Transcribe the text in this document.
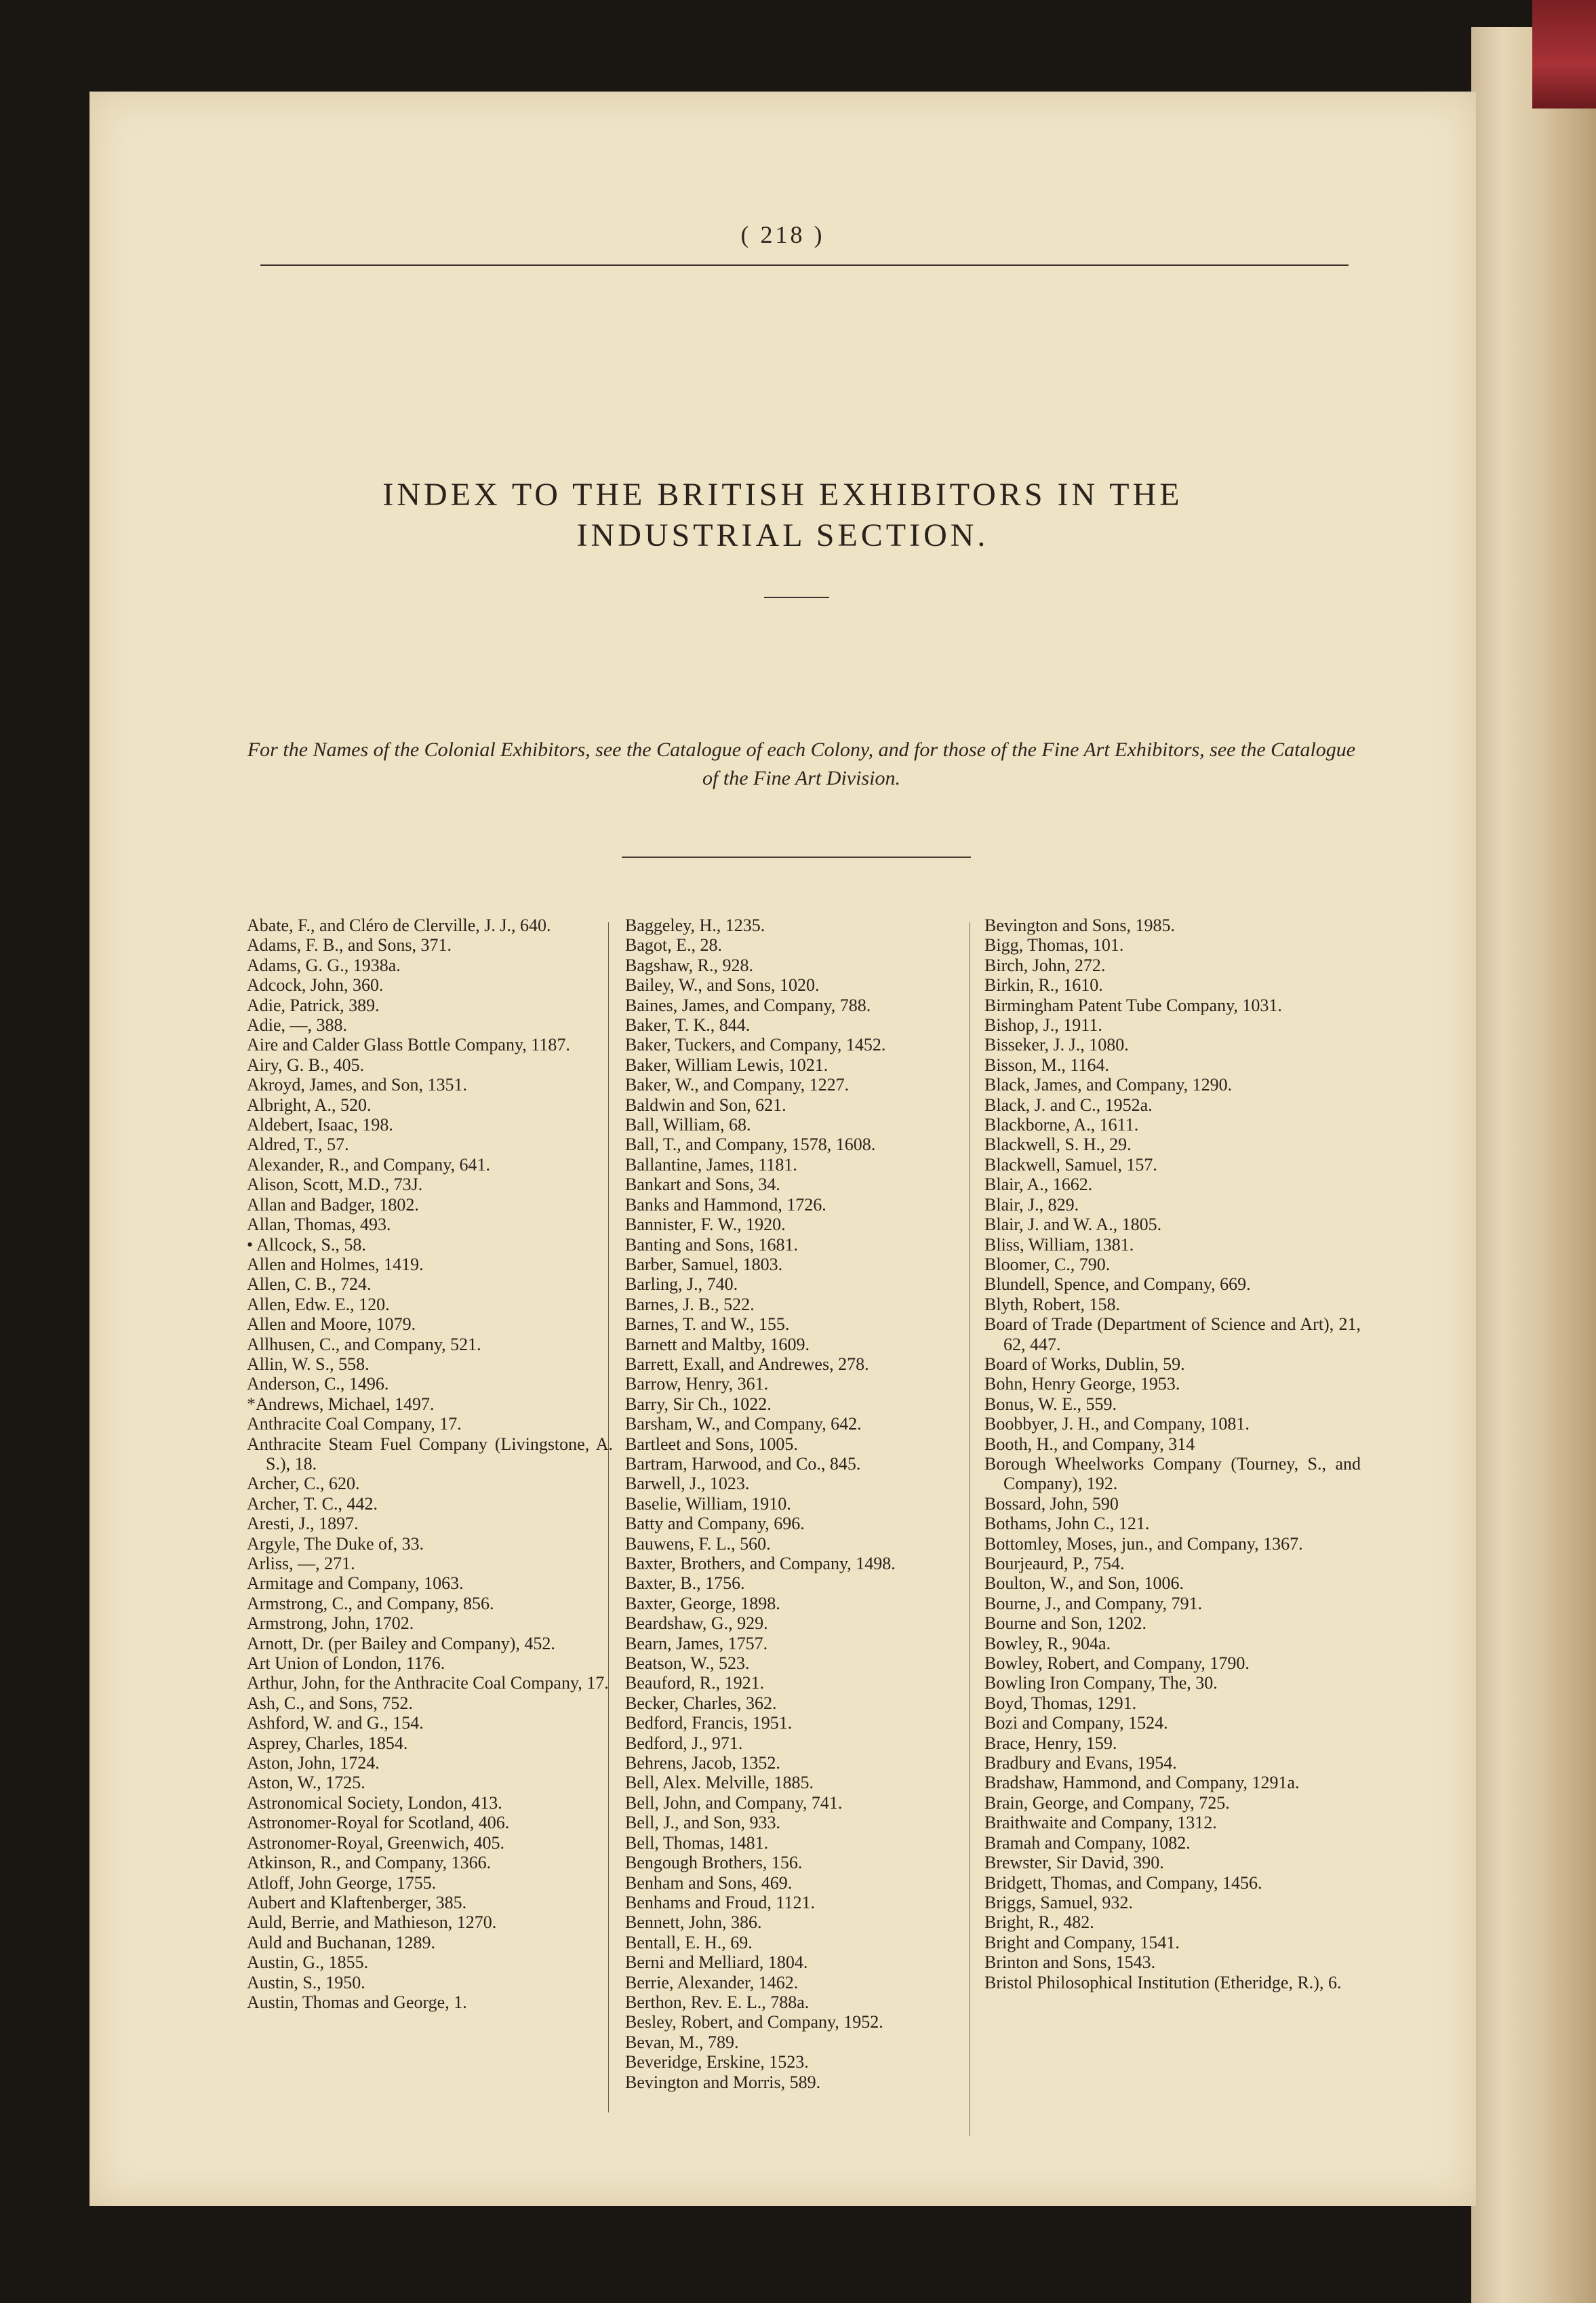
( 218 )
INDEX TO THE BRITISH EXHIBITORS IN THE
INDUSTRIAL SECTION.
For the Names of the Colonial Exhibitors, see the Catalogue of each Colony, and for those of the Fine Art Exhibitors, see the Catalogue of the Fine Art Division.
Abate, F., and Cléro de Clerville, J. J., 640.
Adams, F. B., and Sons, 371.
Adams, G. G., 1938a.
Adcock, John, 360.
Adie, Patrick, 389.
Adie, —, 388.
Aire and Calder Glass Bottle Company, 1187.
Airy, G. B., 405.
Akroyd, James, and Son, 1351.
Albright, A., 520.
Aldebert, Isaac, 198.
Aldred, T., 57.
Alexander, R., and Company, 641.
Alison, Scott, M.D., 73J.
Allan and Badger, 1802.
Allan, Thomas, 493.
• Allcock, S., 58.
Allen and Holmes, 1419.
Allen, C. B., 724.
Allen, Edw. E., 120.
Allen and Moore, 1079.
Allhusen, C., and Company, 521.
Allin, W. S., 558.
Anderson, C., 1496.
*Andrews, Michael, 1497.
Anthracite Coal Company, 17.
Anthracite Steam Fuel Company (Livingstone, A. S.), 18.
Archer, C., 620.
Archer, T. C., 442.
Aresti, J., 1897.
Argyle, The Duke of, 33.
Arliss, —, 271.
Armitage and Company, 1063.
Armstrong, C., and Company, 856.
Armstrong, John, 1702.
Arnott, Dr. (per Bailey and Company), 452.
Art Union of London, 1176.
Arthur, John, for the Anthracite Coal Company, 17.
Ash, C., and Sons, 752.
Ashford, W. and G., 154.
Asprey, Charles, 1854.
Aston, John, 1724.
Aston, W., 1725.
Astronomical Society, London, 413.
Astronomer-Royal for Scotland, 406.
Astronomer-Royal, Greenwich, 405.
Atkinson, R., and Company, 1366.
Atloff, John George, 1755.
Aubert and Klaftenberger, 385.
Auld, Berrie, and Mathieson, 1270.
Auld and Buchanan, 1289.
Austin, G., 1855.
Austin, S., 1950.
Austin, Thomas and George, 1.
Baggeley, H., 1235.
Bagot, E., 28.
Bagshaw, R., 928.
Bailey, W., and Sons, 1020.
Baines, James, and Company, 788.
Baker, T. K., 844.
Baker, Tuckers, and Company, 1452.
Baker, William Lewis, 1021.
Baker, W., and Company, 1227.
Baldwin and Son, 621.
Ball, William, 68.
Ball, T., and Company, 1578, 1608.
Ballantine, James, 1181.
Bankart and Sons, 34.
Banks and Hammond, 1726.
Bannister, F. W., 1920.
Banting and Sons, 1681.
Barber, Samuel, 1803.
Barling, J., 740.
Barnes, J. B., 522.
Barnes, T. and W., 155.
Barnett and Maltby, 1609.
Barrett, Exall, and Andrewes, 278.
Barrow, Henry, 361.
Barry, Sir Ch., 1022.
Barsham, W., and Company, 642.
Bartleet and Sons, 1005.
Bartram, Harwood, and Co., 845.
Barwell, J., 1023.
Baselie, William, 1910.
Batty and Company, 696.
Bauwens, F. L., 560.
Baxter, Brothers, and Company, 1498.
Baxter, B., 1756.
Baxter, George, 1898.
Beardshaw, G., 929.
Bearn, James, 1757.
Beatson, W., 523.
Beauford, R., 1921.
Becker, Charles, 362.
Bedford, Francis, 1951.
Bedford, J., 971.
Behrens, Jacob, 1352.
Bell, Alex. Melville, 1885.
Bell, John, and Company, 741.
Bell, J., and Son, 933.
Bell, Thomas, 1481.
Bengough Brothers, 156.
Benham and Sons, 469.
Benhams and Froud, 1121.
Bennett, John, 386.
Bentall, E. H., 69.
Berni and Melliard, 1804.
Berrie, Alexander, 1462.
Berthon, Rev. E. L., 788a.
Besley, Robert, and Company, 1952.
Bevan, M., 789.
Beveridge, Erskine, 1523.
Bevington and Morris, 589.
Bevington and Sons, 1985.
Bigg, Thomas, 101.
Birch, John, 272.
Birkin, R., 1610.
Birmingham Patent Tube Company, 1031.
Bishop, J., 1911.
Bisseker, J. J., 1080.
Bisson, M., 1164.
Black, James, and Company, 1290.
Black, J. and C., 1952a.
Blackborne, A., 1611.
Blackwell, S. H., 29.
Blackwell, Samuel, 157.
Blair, A., 1662.
Blair, J., 829.
Blair, J. and W. A., 1805.
Bliss, William, 1381.
Bloomer, C., 790.
Blundell, Spence, and Company, 669.
Blyth, Robert, 158.
Board of Trade (Department of Science and Art), 21, 62, 447.
Board of Works, Dublin, 59.
Bohn, Henry George, 1953.
Bonus, W. E., 559.
Boobbyer, J. H., and Company, 1081.
Booth, H., and Company, 314
Borough Wheelworks Company (Tourney, S., and Company), 192.
Bossard, John, 590
Bothams, John C., 121.
Bottomley, Moses, jun., and Company, 1367.
Bourjeaurd, P., 754.
Boulton, W., and Son, 1006.
Bourne, J., and Company, 791.
Bourne and Son, 1202.
Bowley, R., 904a.
Bowley, Robert, and Company, 1790.
Bowling Iron Company, The, 30.
Boyd, Thomas, 1291.
Bozi and Company, 1524.
Brace, Henry, 159.
Bradbury and Evans, 1954.
Bradshaw, Hammond, and Company, 1291a.
Brain, George, and Company, 725.
Braithwaite and Company, 1312.
Bramah and Company, 1082.
Brewster, Sir David, 390.
Bridgett, Thomas, and Company, 1456.
Briggs, Samuel, 932.
Bright, R., 482.
Bright and Company, 1541.
Brinton and Sons, 1543.
Bristol Philosophical Institution (Etheridge, R.), 6.
